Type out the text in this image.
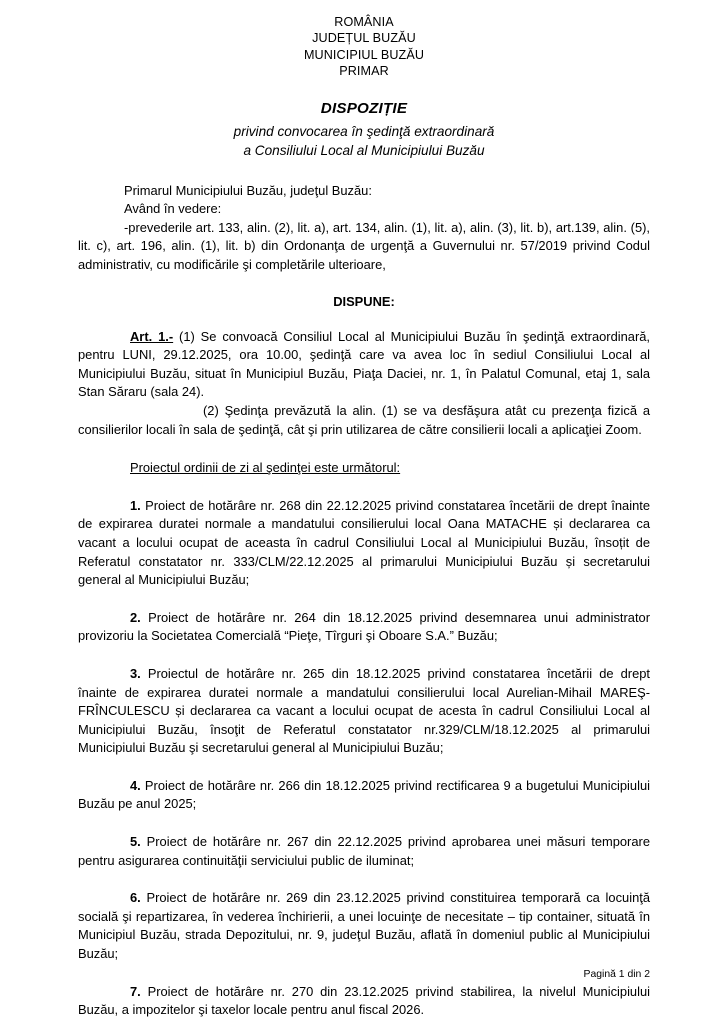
ROMÂNIA
JUDEȚUL BUZĂU
MUNICIPIUL BUZĂU
PRIMAR
DISPOZIȚIE
privind convocarea în şedinţă extraordinară
a Consiliului Local al Municipiului Buzău
Primarul Municipiului Buzău, judeţul Buzău:
Având în vedere:
-prevederile art. 133, alin. (2), lit. a), art. 134, alin. (1), lit. a), alin. (3), lit. b), art.139, alin. (5), lit. c), art. 196, alin. (1), lit. b) din Ordonanţa de urgenţă a Guvernului nr. 57/2019 privind Codul administrativ, cu modificările şi completările ulterioare,
DISPUNE:
Art. 1.- (1) Se convoacă Consiliul Local al Municipiului Buzău în şedinţă extraordinară, pentru LUNI, 29.12.2025, ora 10.00, şedinţă care va avea loc în sediul Consiliului Local al Municipiului Buzău, situat în Municipiul Buzău, Piaţa Daciei, nr. 1, în Palatul Comunal, etaj 1, sala Stan Săraru (sala 24).
(2) Şedinţa prevăzută la alin. (1) se va desfăşura atât cu prezenţa fizică a consilierilor locali în sala de şedinţă, cât şi prin utilizarea de către consilierii locali a aplicaţiei Zoom.
Proiectul ordinii de zi al şedinţei este următorul:
1. Proiect de hotărâre nr. 268 din 22.12.2025 privind constatarea încetării de drept înainte de expirarea duratei normale a mandatului consilierului local Oana MATACHE și declararea ca vacant a locului ocupat de aceasta în cadrul Consiliului Local al Municipiului Buzău, însoțit de Referatul constatator nr. 333/CLM/22.12.2025 al primarului Municipiului Buzău și secretarului general al Municipiului Buzău;
2. Proiect de hotărâre nr. 264 din 18.12.2025 privind desemnarea unui administrator provizoriu la Societatea Comercială “Pieţe, Tîrguri şi Oboare S.A.” Buzău;
3. Proiectul de hotărâre nr. 265 din 18.12.2025 privind constatarea încetării de drept înainte de expirarea duratei normale a mandatului consilierului local Aurelian-Mihail MAREŞ-FRÎNCULESCU și declararea ca vacant a locului ocupat de acesta în cadrul Consiliului Local al Municipiului Buzău, însoţit de Referatul constatator nr.329/CLM/18.12.2025 al primarului Municipiului Buzău şi secretarului general al Municipiului Buzău;
4. Proiect de hotărâre nr. 266 din 18.12.2025 privind rectificarea 9 a bugetului Municipiului Buzău pe anul 2025;
5. Proiect de hotărâre nr. 267 din 22.12.2025 privind aprobarea unei măsuri temporare pentru asigurarea continuităţii serviciului public de iluminat;
6. Proiect de hotărâre nr. 269 din 23.12.2025 privind constituirea temporară ca locuinţă socială şi repartizarea, în vederea închirierii, a unei locuinţe de necesitate – tip container, situată în Municipiul Buzău, strada Depozitului, nr. 9, judeţul Buzău, aflată în domeniul public al Municipiului Buzău;
7. Proiect de hotărâre nr. 270 din 23.12.2025 privind stabilirea, la nivelul Municipiului Buzău, a impozitelor şi taxelor locale pentru anul fiscal 2026.
Pagină 1 din 2
